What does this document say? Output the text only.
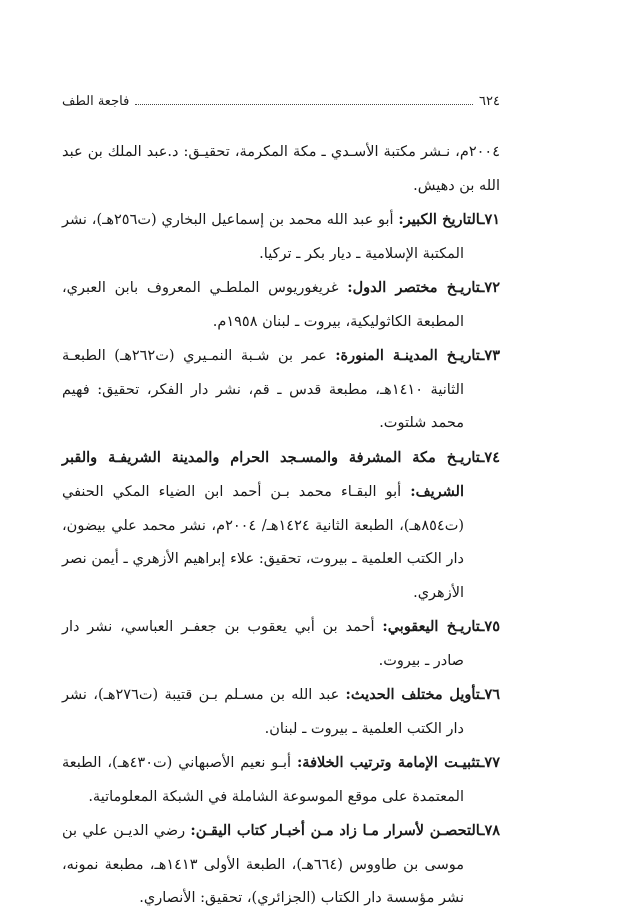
٦٢٤
فاجعة الطف

٢٠٠٤م، نـشر مكتبة الأسـدي ـ مكة المكرمة، تحقيـق: د.عبد الملك بن عبد الله بن دهيش.

٧١ـالتاريخ الكبير: أبو عبد الله محمد بن إسماعيل البخاري (ت٢٥٦هـ)، نشر المكتبة الإسلامية ـ ديار بكر ـ تركيا.

٧٢ـتاريـخ مختصر الدول: غريغوريوس الملطـي المعروف بابن العبري، المطبعة الكاثوليكية، بيروت ـ لبنان ١٩٥٨م.

٧٣ـتاريـخ المدينـة المنورة: عمر بن شـبة النمـيري (ت٢٦٢هـ) الطبعـة الثانية ١٤١٠هـ، مطبعة قدس ـ قم، نشر دار الفكر، تحقيق: فهيم محمد شلتوت.

٧٤ـتاريـخ مكة المشرفة والمسـجد الحرام والمدينة الشريفـة والقبر الشريف: أبو البقـاء محمد بـن أحمد ابن الضياء المكي الحنفي (ت٨٥٤هـ)، الطبعة الثانية ١٤٢٤هـ/ ٢٠٠٤م، نشر محمد علي بيضون، دار الكتب العلمية ـ بيروت، تحقيق: علاء إبراهيم الأزهري ـ أيمن نصر الأزهري.

٧٥ـتاريـخ اليعقوبي: أحمد بن أبي يعقوب بن جعفـر العباسي، نشر دار صادر ـ بيروت.

٧٦ـتأويل مختلف الحديث: عبد الله بن مسـلم بـن قتيبة (ت٢٧٦هـ)، نشر دار الكتب العلمية ـ بيروت ـ لبنان.

٧٧ـتثبيـت الإمامة وترتيب الخلافة: أبـو نعيم الأصبهاني (ت٤٣٠هـ)، الطبعة المعتمدة على موقع الموسوعة الشاملة في الشبكة المعلوماتية.

٧٨ـالتحصـن لأسرار مـا زاد مـن أخبـار كتاب اليقـن: رضي الديـن علي بن موسى بن طاووس (٦٦٤هـ)، الطبعة الأولى ١٤١٣هـ، مطبعة نمونه، نشر مؤسسة دار الكتاب (الجزائري)، تحقيق: الأنصاري.
